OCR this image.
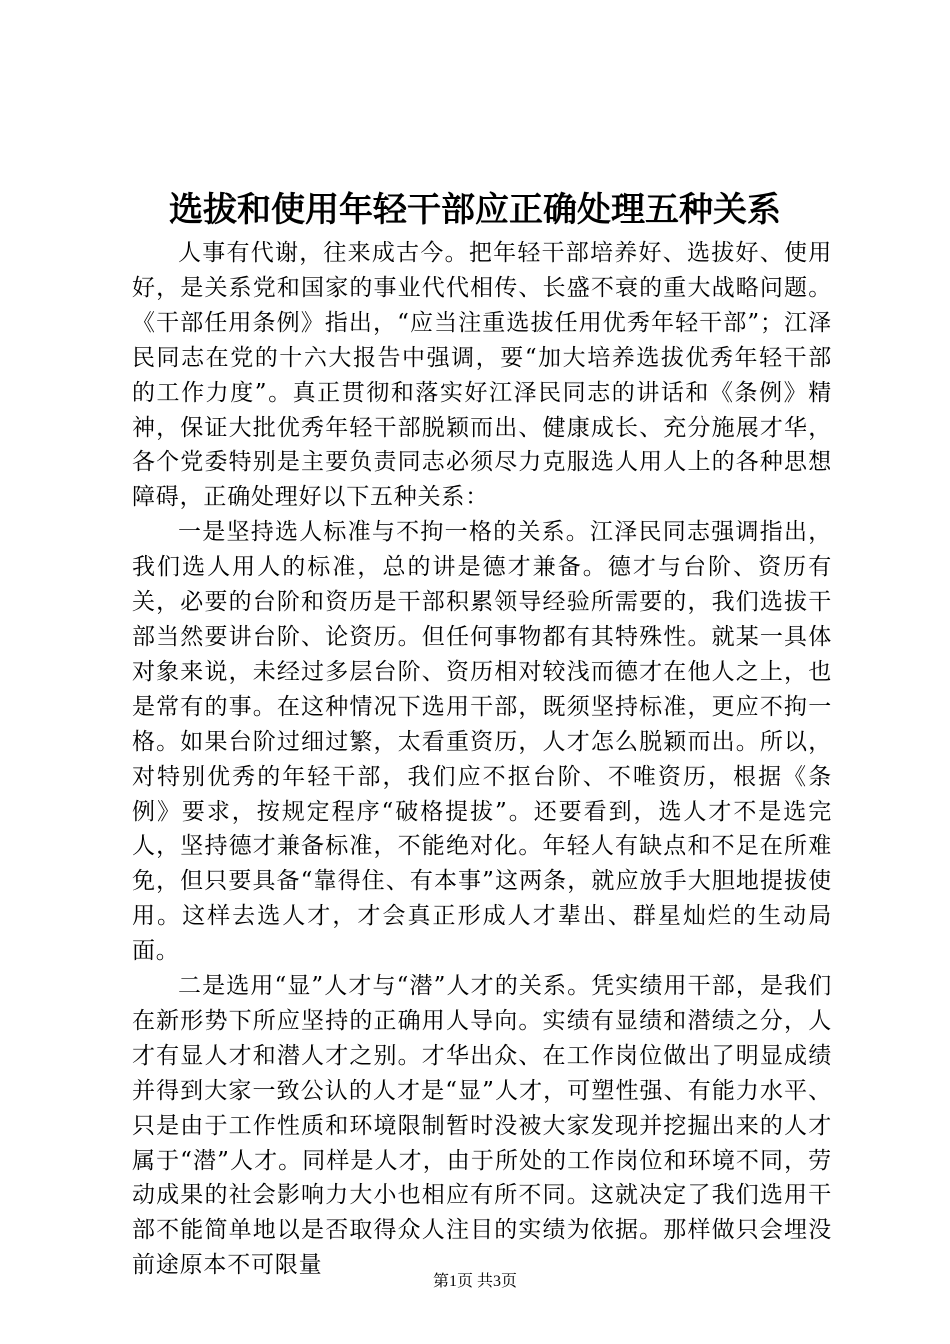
选拔和使用年轻干部应正确处理五种关系

人事有代谢，往来成古今。把年轻干部培养好、选拔好、使用好，是关系党和国家的事业代代相传、长盛不衰的重大战略问题。《干部任用条例》指出，“应当注重选拔任用优秀年轻干部”；江泽民同志在党的十六大报告中强调，要“加大培养选拔优秀年轻干部的工作力度”。真正贯彻和落实好江泽民同志的讲话和《条例》精神，保证大批优秀年轻干部脱颖而出、健康成长、充分施展才华，各个党委特别是主要负责同志必须尽力克服选人用人上的各种思想障碍，正确处理好以下五种关系：

一是坚持选人标准与不拘一格的关系。江泽民同志强调指出，我们选人用人的标准，总的讲是德才兼备。德才与台阶、资历有关，必要的台阶和资历是干部积累领导经验所需要的，我们选拔干部当然要讲台阶、论资历。但任何事物都有其特殊性。就某一具体对象来说，未经过多层台阶、资历相对较浅而德才在他人之上，也是常有的事。在这种情况下选用干部，既须坚持标准，更应不拘一格。如果台阶过细过繁，太看重资历，人才怎么脱颖而出。所以，对特别优秀的年轻干部，我们应不抠台阶、不唯资历，根据《条例》要求，按规定程序“破格提拔”。还要看到，选人才不是选完人，坚持德才兼备标准，不能绝对化。年轻人有缺点和不足在所难免，但只要具备“靠得住、有本事”这两条，就应放手大胆地提拔使用。这样去选人才，才会真正形成人才辈出、群星灿烂的生动局面。

二是选用“显”人才与“潜”人才的关系。凭实绩用干部，是我们在新形势下所应坚持的正确用人导向。实绩有显绩和潜绩之分，人才有显人才和潜人才之别。才华出众、在工作岗位做出了明显成绩并得到大家一致公认的人才是“显”人才，可塑性强、有能力水平、只是由于工作性质和环境限制暂时没被大家发现并挖掘出来的人才属于“潜”人才。同样是人才，由于所处的工作岗位和环境不同，劳动成果的社会影响力大小也相应有所不同。这就决定了我们选用干部不能简单地以是否取得众人注目的实绩为依据。那样做只会埋没前途原本不可限量

第1页 共3页
